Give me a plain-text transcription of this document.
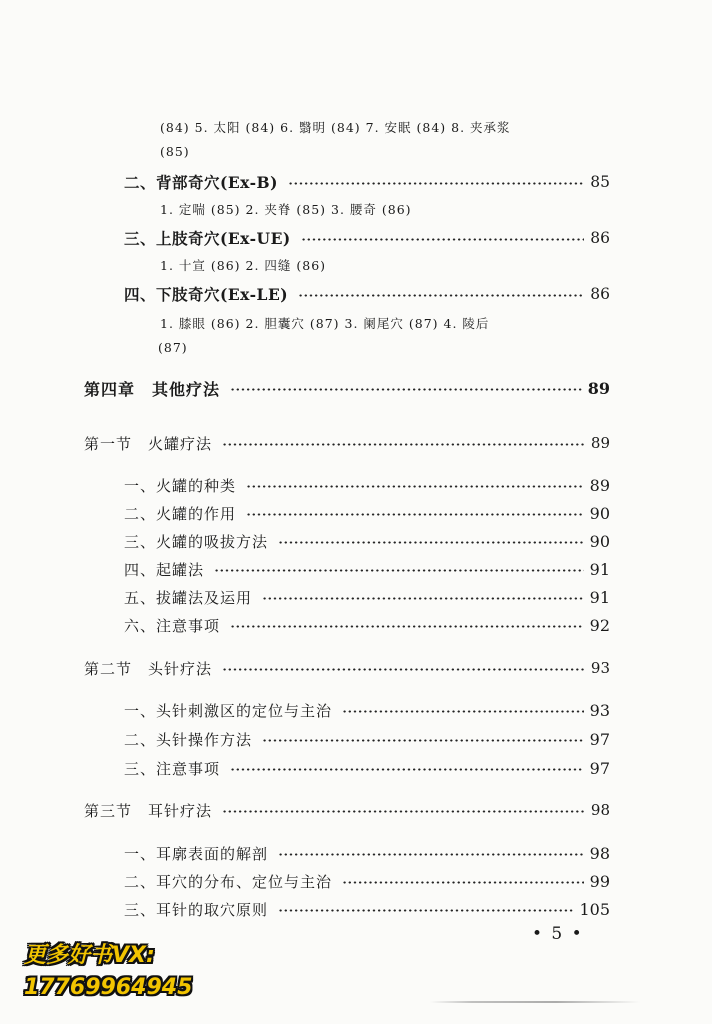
(84) 5. 太阳 (84) 6. 翳明 (84) 7. 安眠 (84) 8. 夹承浆
(85)
二、背部奇穴(Ex-B)	85
1. 定喘 (85) 2. 夹脊 (85) 3. 腰奇 (86)
三、上肢奇穴(Ex-UE)	86
1. 十宣 (86) 2. 四缝 (86)
四、下肢奇穴(Ex-LE)	86
1. 膝眼 (86) 2. 胆囊穴 (87) 3. 阑尾穴 (87) 4. 陵后
(87)
第四章　其他疗法	89
第一节　火罐疗法	89
一、火罐的种类	89
二、火罐的作用	90
三、火罐的吸拔方法	90
四、起罐法	91
五、拔罐法及运用	91
六、注意事项	92
第二节　头针疗法	93
一、头针刺激区的定位与主治	93
二、头针操作方法	97
三、注意事项	97
第三节　耳针疗法	98
一、耳廓表面的解剖	98
二、耳穴的分布、定位与主治	99
三、耳针的取穴原则	105
• 5 •
更多好书VX:
17769964945
